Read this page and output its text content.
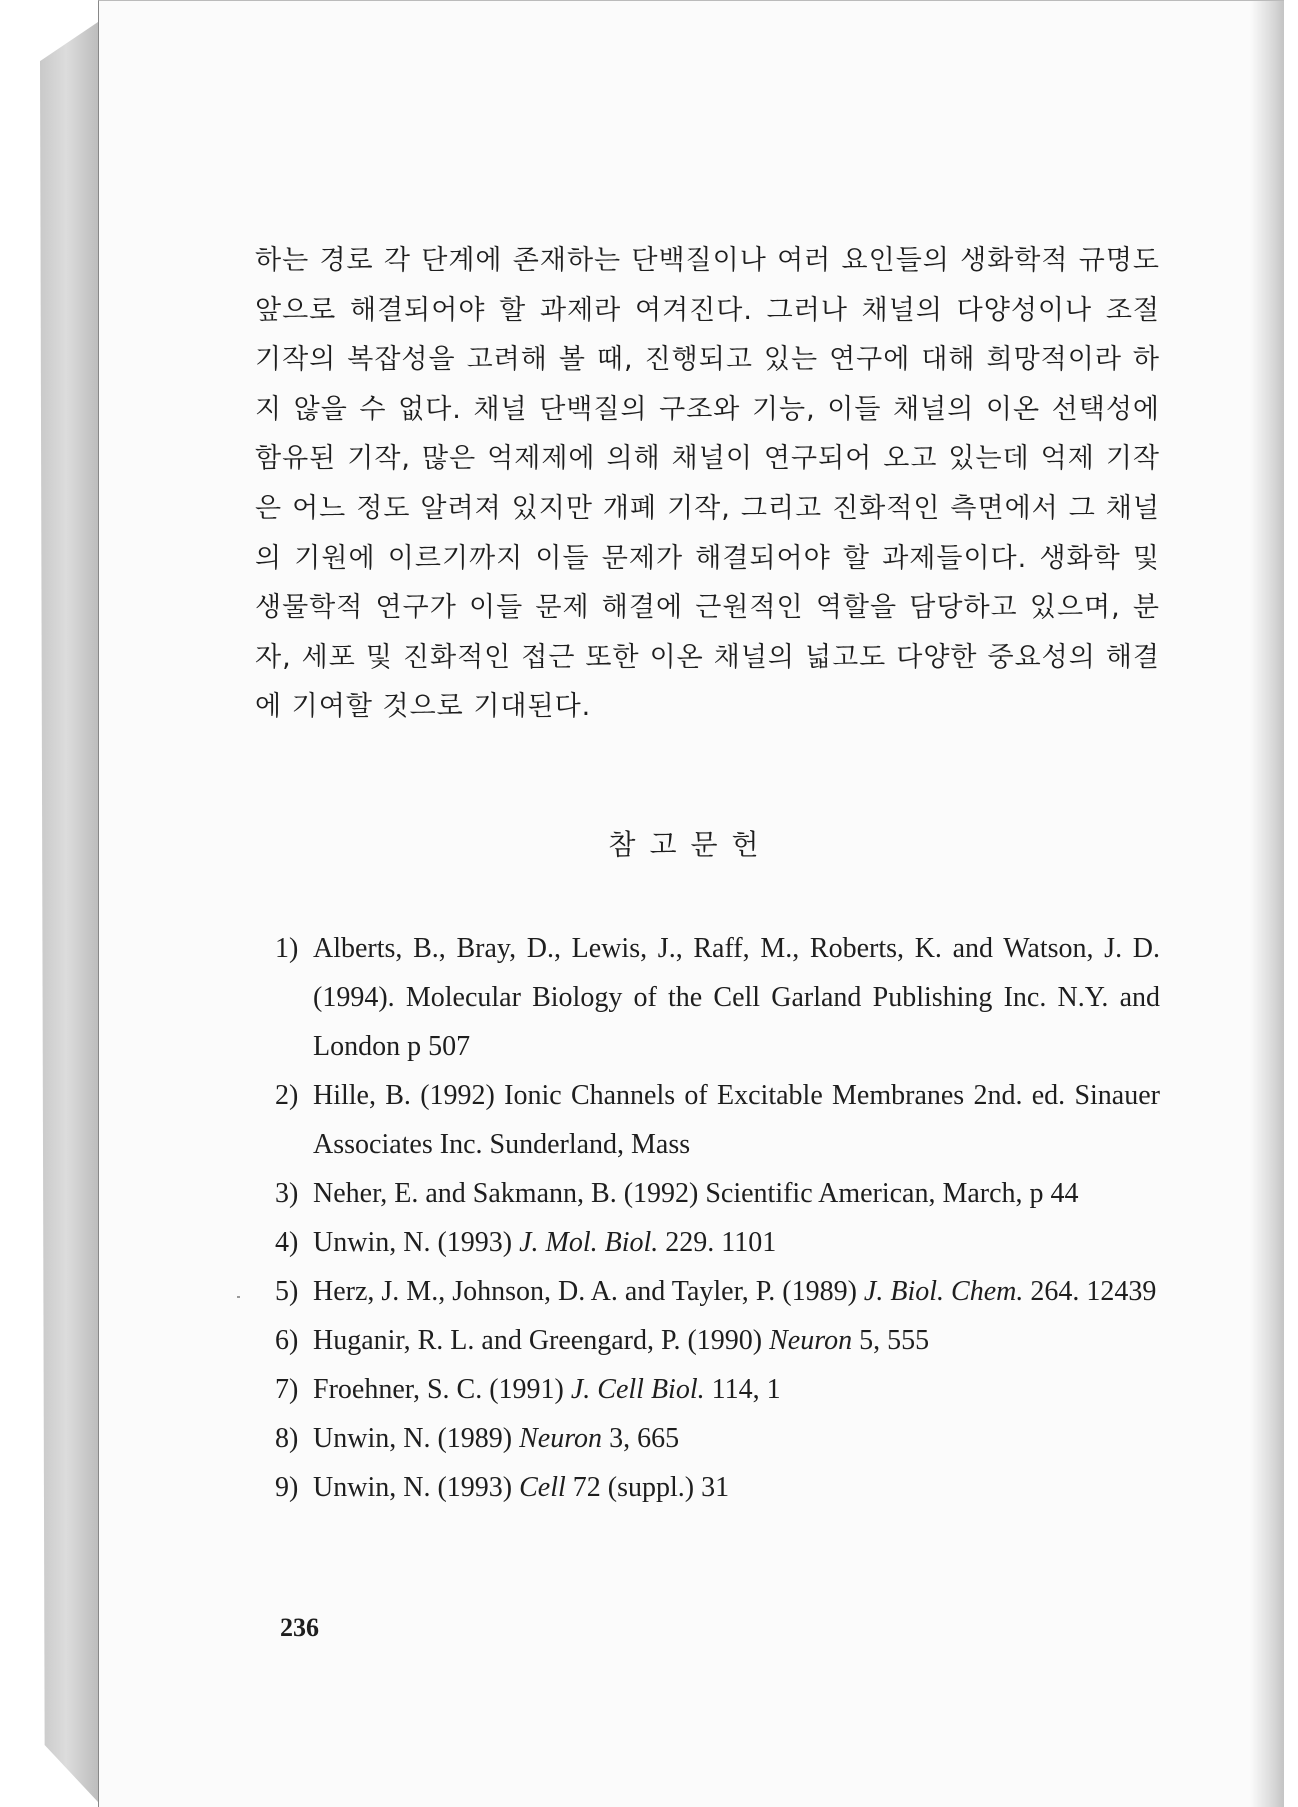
하는 경로 각 단계에 존재하는 단백질이나 여러 요인들의 생화학적 규명도 앞으로 해결되어야 할 과제라 여겨진다. 그러나 채널의 다양성이나 조절 기작의 복잡성을 고려해 볼 때, 진행되고 있는 연구에 대해 희망적이라 하지 않을 수 없다. 채널 단백질의 구조와 기능, 이들 채널의 이온 선택성에 함유된 기작, 많은 억제제에 의해 채널이 연구되어 오고 있는데 억제 기작은 어느 정도 알려져 있지만 개폐 기작, 그리고 진화적인 측면에서 그 채널의 기원에 이르기까지 이들 문제가 해결되어야 할 과제들이다. 생화학 및 생물학적 연구가 이들 문제 해결에 근원적인 역할을 담당하고 있으며, 분자, 세포 및 진화적인 접근 또한 이온 채널의 넓고도 다양한 중요성의 해결에 기여할 것으로 기대된다.

참고문헌
1) Alberts, B., Bray, D., Lewis, J., Raff, M., Roberts, K. and Watson, J. D. (1994). Molecular Biology of the Cell Garland Publishing Inc. N.Y. and London p 507
2) Hille, B. (1992) Ionic Channels of Excitable Membranes 2nd. ed. Sinauer Associates Inc. Sunderland, Mass
3) Neher, E. and Sakmann, B. (1992) Scientific American, March, p 44
4) Unwin, N. (1993) J. Mol. Biol. 229. 1101
5) Herz, J. M., Johnson, D. A. and Tayler, P. (1989) J. Biol. Chem. 264. 12439
6) Huganir, R. L. and Greengard, P. (1990) Neuron 5, 555
7) Froehner, S. C. (1991) J. Cell Biol. 114, 1
8) Unwin, N. (1989) Neuron 3, 665
9) Unwin, N. (1993) Cell 72 (suppl.) 31
236
